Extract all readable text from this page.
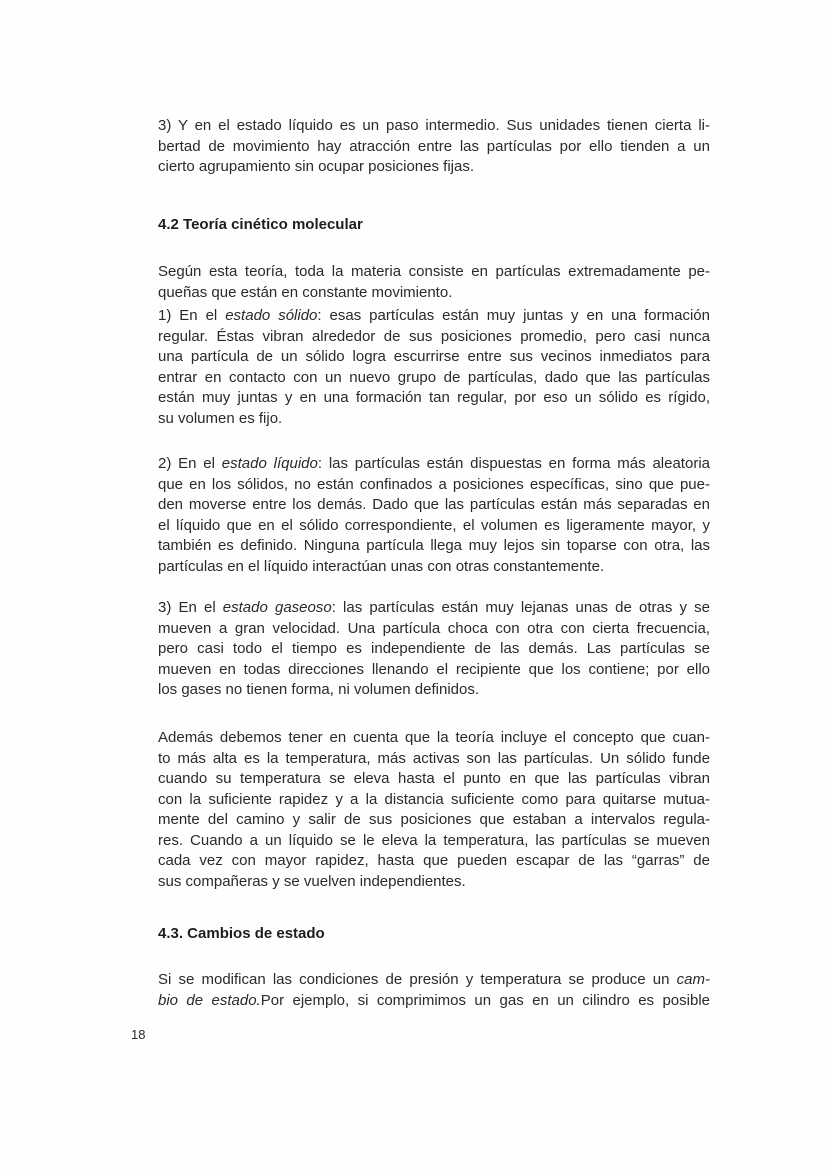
3) Y en el estado líquido es un paso intermedio. Sus unidades tienen cierta li-
bertad de movimiento hay atracción entre las partículas por ello tienden a un
cierto agrupamiento sin ocupar posiciones fijas.
4.2 Teoría cinético molecular
Según esta teoría, toda la materia consiste en partículas extremadamente pe-
queñas que están en constante movimiento.
1) En el estado sólido: esas partículas están muy juntas y en una formación
regular. Éstas vibran alrededor de sus posiciones promedio, pero casi nunca
una partícula de un sólido logra escurrirse entre sus vecinos inmediatos para
entrar en contacto con un nuevo grupo de partículas, dado que las partículas
están muy juntas y en una formación tan regular, por eso un sólido es rígido,
su volumen es fijo.
2) En el estado líquido: las partículas están dispuestas en forma más aleatoria
que en los sólidos, no están confinados a posiciones específicas, sino que pue-
den moverse entre los demás. Dado que las partículas están más separadas en
el líquido que en el sólido correspondiente, el volumen es ligeramente mayor, y
también es definido. Ninguna partícula llega muy lejos sin toparse con otra, las
partículas en el líquido interactúan unas con otras constantemente.
3) En el estado gaseoso: las partículas están muy lejanas unas de otras y se
mueven a gran velocidad. Una partícula choca con otra con cierta frecuencia,
pero casi todo el tiempo es independiente de las demás. Las partículas se
mueven en todas direcciones llenando el recipiente que los contiene; por ello
los gases no tienen forma, ni volumen definidos.
Además debemos tener en cuenta que la teoría incluye el concepto que cuan-
to más alta es la temperatura, más activas son las partículas. Un sólido funde
cuando su temperatura se eleva hasta el punto en que las partículas vibran
con la suficiente rapidez y a la distancia suficiente como para quitarse mutua-
mente del camino y salir de sus posiciones que estaban a intervalos regula-
res. Cuando a un líquido se le eleva la temperatura, las partículas se mueven
cada vez con mayor rapidez, hasta que pueden escapar de las “garras” de
sus compañeras y se vuelven independientes.
4.3. Cambios de estado
Si se modifican las condiciones de presión y temperatura se produce un cam-
bio de estado.Por ejemplo, si comprimimos un gas en un cilindro es posible
18
